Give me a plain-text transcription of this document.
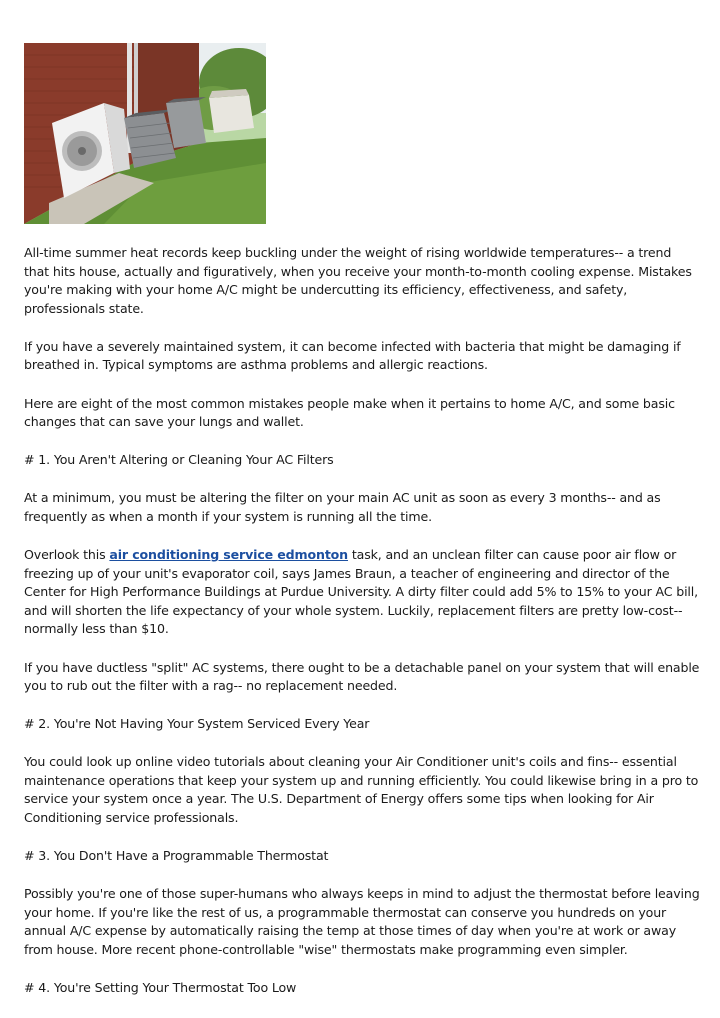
All-time summer heat records keep buckling under the weight of rising worldwide temperatures-- a trend that hits house, actually and figuratively, when you receive your month-to-month cooling expense. Mistakes you're making with your home A/C might be undercutting its efficiency, effectiveness, and safety, professionals state.

If you have a severely maintained system, it can become infected with bacteria that might be damaging if breathed in. Typical symptoms are asthma problems and allergic reactions.

Here are eight of the most common mistakes people make when it pertains to home A/C, and some basic changes that can save your lungs and wallet.

# 1. You Aren't Altering or Cleaning Your AC Filters

At a minimum, you must be altering the filter on your main AC unit as soon as every 3 months-- and as frequently as when a month if your system is running all the time.

Overlook this air conditioning service edmonton task, and an unclean filter can cause poor air flow or freezing up of your unit's evaporator coil, says James Braun, a teacher of engineering and director of the Center for High Performance Buildings at Purdue University. A dirty filter could add 5% to 15% to your AC bill, and will shorten the life expectancy of your whole system. Luckily, replacement filters are pretty low-cost-- normally less than $10.

If you have ductless "split" AC systems, there ought to be a detachable panel on your system that will enable you to rub out the filter with a rag-- no replacement needed.

# 2. You're Not Having Your System Serviced Every Year

You could look up online video tutorials about cleaning your Air Conditioner unit's coils and fins-- essential maintenance operations that keep your system up and running efficiently. You could likewise bring in a pro to service your system once a year. The U.S. Department of Energy offers some tips when looking for Air Conditioning service professionals.

# 3. You Don't Have a Programmable Thermostat

Possibly you're one of those super-humans who always keeps in mind to adjust the thermostat before leaving your home. If you're like the rest of us, a programmable thermostat can conserve you hundreds on your annual A/C expense by automatically raising the temp at those times of day when you're at work or away from house. More recent phone-controllable "wise" thermostats make programming even simpler.

# 4. You're Setting Your Thermostat Too Low
